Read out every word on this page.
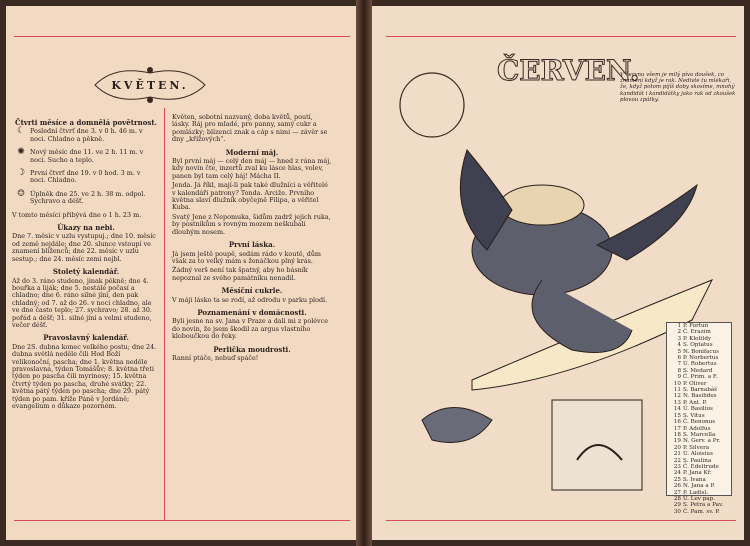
KVĚTEN.
Čtvrti měsíce a domnělá povětrnost.
☾ Poslední čtvrť dne 3. v 0 h. 46 m. v noci. Chladno a pěkně.
✺ Nový měsíc dne 11. ve 2 h. 11 m. v noci. Sucho a teplo.
☽ První čtvrť dne 19. v 0 hod. 3 m. v noci. Chladno.
☺ Úplněk dne 25. ve 2 h. 38 m. odpol. Sychravo a déšť.

V tomto měsíci přibývá dne o 1 h. 23 m.

Úkazy na nebi.

Dne 7. měsíc v uzlu vystupuj.; dne 10. měsíc od země nejdále; dne 20. slunce vstoupí ve znamení blíženců; dne 22. měsíc v uzlu sestup.; dne 24. měsíc zemi nejbl.

Stoletý kalendář.

Až do 3. ráno studeno, jinak pěkně; dne 4. bouřka a liják; dne 5. nestálé počasí a chladno; dne 6. ráno silné jíní, den pak chladný; od 7. až do 26. v noci chladno, ale ve dne často teplo; 27. sychravo; 28. až 30. pořád a déšť; 31. silné jíní a velmi studeno, večer déšť.

Pravoslavný kalendář.

Dne 2S. dubna konec velkého postu; dne 24. dubna světlá neděle čili Hod Boží velikonoční, pascha; dne 1. května neděle pravoslavná, týden Tomášův; 8. května třetí týden po pascha čili myrinosy; 15. května čtvrtý týden po pascha, druhé svátky; 22. května pátý týden po pascha; dne 29. pátý týden po pam. kříže Páně v Jordáně; evangelium o důkaze pozorném.

Květen, sobotní nazvaný, doba květů, poutí, lásky. Ráj pro mladé, pro panny, samý cukr a pomlázky; blízenci znak a cáp s nimi — závěr se dny „křížových“.

Moderní máj.

Byl první máj — celý den máj — hned z rána máj, kdy novin čte, inzertů zval ku lásce hlas, volev, panen byl tam celý háj! Mácha II.

Jenda. Já říkl, mají-li pak také dlužníci a věřitelé v kalendáři patrony? Tonda. Arciže. Prvního května slaví dlužník obyčejně Filipa, a věřitel Kuba.

Svatý Jene z Nepomuka, šidům zadrž jejich ruka, by postníkům s rovným mozem neškubali dlouhým nosem.

První láska.

Já jsem ještě poupě, sedám rádo v koutě, dům však za to velký mám s ženáčkou plný krás.

Žádný verš není tak špatný, aby ho básník nepoznal ze svého památníku nenadil.

Měsíční cukrle.

V máji lásko ta se rodí, až odrodu v parku plodí.

Poznamenání v domácnosti.

Byli jesne na sv. Jana v Praze a dali mi z polévce do novin, že jsem škodil za argus vlastního kloboučkou do řeky.

Perlička moudrosti.

Ranní ptáče, nebuď spáče!

ČERVEN.
V červnu všem je milý píva doušek, co znamení když je rak. Nedivte tu mlékaři, že, když potom píjíš doby skosíme, mnohý kandidát i kandidátky jako rak od zkoušek plovou zpátky.
1 P. Fortun
2 Č. Erazim
3 P. Klotildy
4 S. Optatus
5 N. Bonifacus
6 P. Norbertus
7 Ú. Robertus
8 S. Medard
9 Č. Prim. a F.
10 P. Oliver
11 S. Barnabáš
12 N. Basilides
13 P. Ant. P.
14 Ú. Basilius
15 S. Vitus
16 Č. Benonus
17 P. Adolfus
18 S. Marcella
19 N. Gerv. a Pr.
20 P. Silvera
21 Ú. Aloisius
22 S. Paulina
23 Č. Edeltrude
24 P. Jana Kř.
25 S. Ivana
26 N. Jana a P.
27 P. Ladisl.
28 Ú. Lev pap.
29 S. Petra a Pav.
30 Č. Pam. sv. P.
